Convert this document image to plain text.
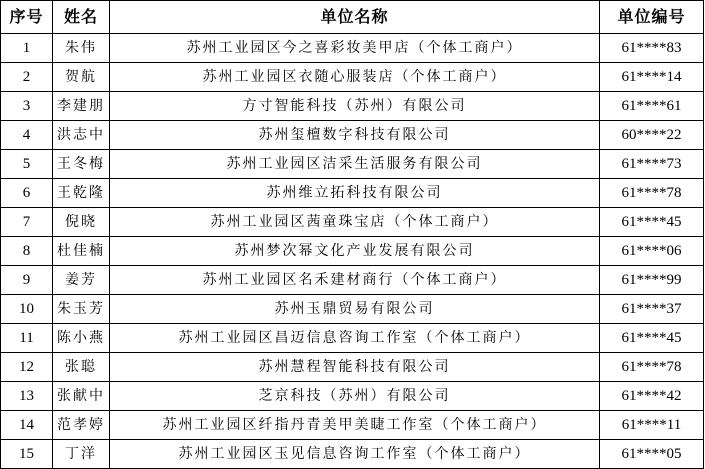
序号	姓名	单位名称	单位编号
1	朱伟	苏州工业园区今之喜彩妆美甲店（个体工商户）	61****83
2	贺航	苏州工业园区衣随心服装店（个体工商户）	61****14
3	李建朋	方寸智能科技（苏州）有限公司	61****61
4	洪志中	苏州玺檀数字科技有限公司	60****22
5	王冬梅	苏州工业园区洁采生活服务有限公司	61****73
6	王乾隆	苏州维立拓科技有限公司	61****78
7	倪晓	苏州工业园区茜童珠宝店（个体工商户）	61****45
8	杜佳楠	苏州梦次幂文化产业发展有限公司	61****06
9	姜芳	苏州工业园区名禾建材商行（个体工商户）	61****99
10	朱玉芳	苏州玉鼎贸易有限公司	61****37
11	陈小燕	苏州工业园区昌迈信息咨询工作室（个体工商户）	61****45
12	张聪	苏州慧程智能科技有限公司	61****78
13	张献中	芝京科技（苏州）有限公司	61****42
14	范孝婷	苏州工业园区纤指丹青美甲美睫工作室（个体工商户）	61****11
15	丁洋	苏州工业园区玉见信息咨询工作室（个体工商户）	61****05
